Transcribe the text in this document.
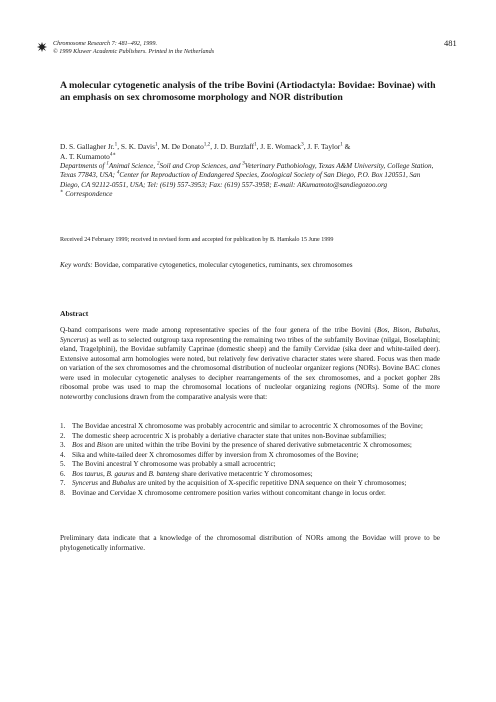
Chromosome Research 7: 481–492, 1999.
© 1999 Kluwer Academic Publishers. Printed in the Netherlands
481
A molecular cytogenetic analysis of the tribe Bovini (Artiodactyla: Bovidae: Bovinae) with an emphasis on sex chromosome morphology and NOR distribution
D. S. Gallagher Jr.$^1$, S. K. Davis$^1$, M. De Donato$^{1,2}$, J. D. Burzlaff$^1$, J. E. Womack$^3$, J. F. Taylor$^1$ &
A. T. Kumamoto$^{4∗}$
Departments of $^1$Animal Science, $^2$Soil and Crop Sciences, and $^3$Veterinary Pathobiology, Texas A&M University, College Station, Texas 77843, USA; $^4$Center for Reproduction of Endangered Species, Zoological Society of San Diego, P.O. Box 120551, San Diego, CA 92112-0551, USA; Tel: (619) 557-3953; Fax: (619) 557-3958; E-mail: AKumamoto@sandiegozoo.org
∗ Correspondence
Received 24 February 1999; received in revised form and accepted for publication by B. Hamkalo 15 June 1999
Key words: Bovidae, comparative cytogenetics, molecular cytogenetics, ruminants, sex chromosomes
Abstract
Q-band comparisons were made among representative species of the four genera of the tribe Bovini (Bos, Bison, Bubalus, Syncerus) as well as to selected outgroup taxa representing the remaining two tribes of the subfamily Bovinae (nilgai, Boselaphini; eland, Tragelphini), the Bovidae subfamily Caprinae (domestic sheep) and the family Cervidae (sika deer and white-tailed deer). Extensive autosomal arm homologies were noted, but relatively few derivative character states were shared. Focus was then made on variation of the sex chromosomes and the chromosomal distribution of nucleolar organizer regions (NORs). Bovine BAC clones were used in molecular cytogenetic analyses to decipher rearrangements of the sex chromosomes, and a pocket gopher 28s ribosomal probe was used to map the chromosomal locations of nucleolar organizing regions (NORs). Some of the more noteworthy conclusions drawn from the comparative analysis were that:
1. The Bovidae ancestral X chromosome was probably acrocentric and similar to acrocentric X chromosomes of the Bovine;
2. The domestic sheep acrocentric X is probably a deriative character state that unites non-Bovinae subfamilies;
3. Bos and Bison are united within the tribe Bovini by the presence of shared derivative submetacentric X chromosomes;
4. Sika and white-tailed deer X chromosomes differ by inversion from X chromosomes of the Bovine;
5. The Bovini ancestral Y chromosome was probably a small acrocentric;
6. Bos taurus, B. gaurus and B. banteng share derivative metacentric Y chromosomes;
7. Syncerus and Bubalus are united by the acquisition of X-specific repetitive DNA sequence on their Y chromosomes;
8. Bovinae and Cervidae X chromosome centromere position varies without concomitant change in locus order.
Preliminary data indicate that a knowledge of the chromosomal distribution of NORs among the Bovidae will prove to be phylogenetically informative.
